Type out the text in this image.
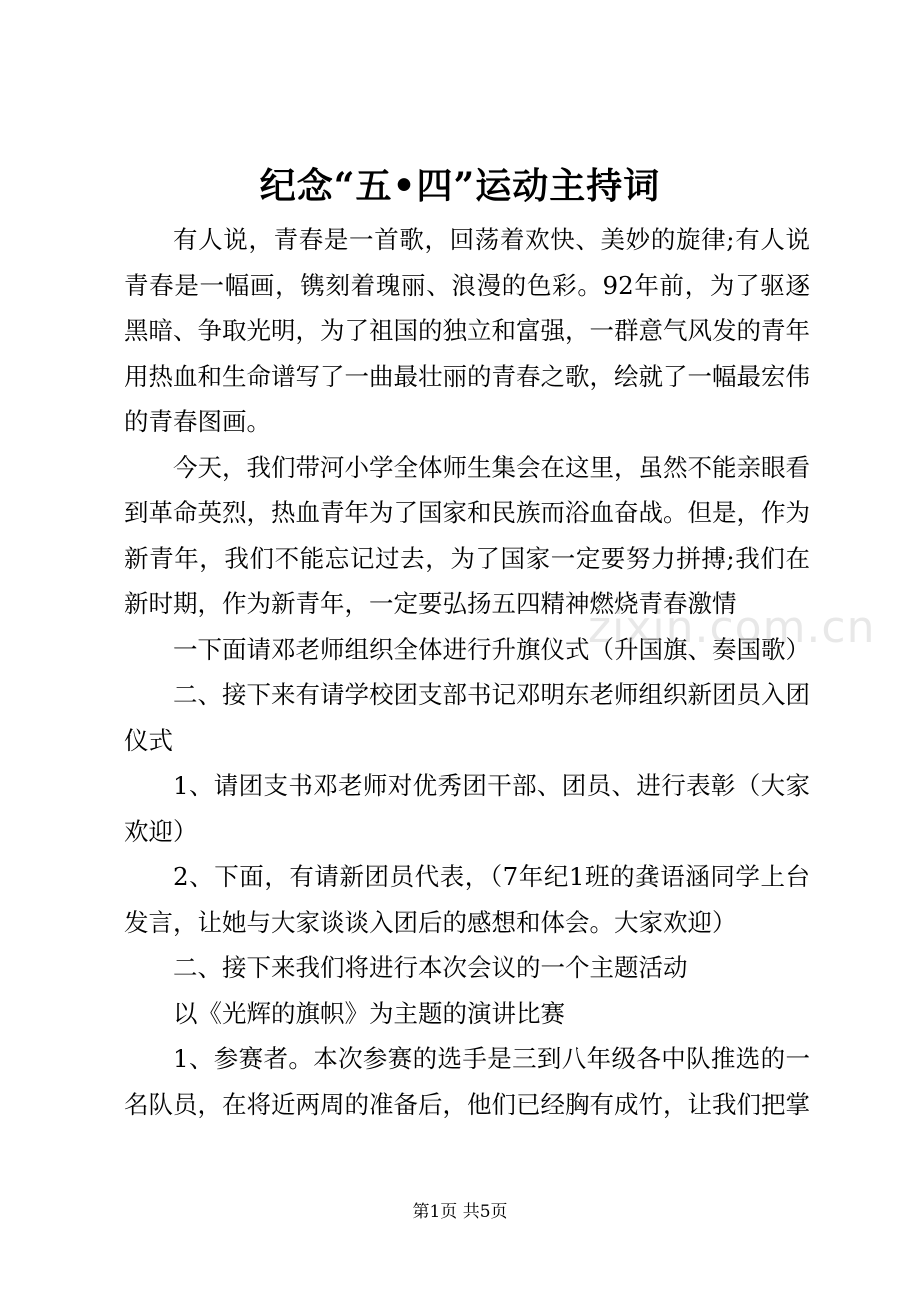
纪念“五•四”运动主持词
有人说，青春是一首歌，回荡着欢快、美妙的旋律;有人说
青春是一幅画，镌刻着瑰丽、浪漫的色彩。92年前，为了驱逐
黑暗、争取光明，为了祖国的独立和富强，一群意气风发的青年
用热血和生命谱写了一曲最壮丽的青春之歌，绘就了一幅最宏伟
的青春图画。
今天，我们带河小学全体师生集会在这里，虽然不能亲眼看
到革命英烈，热血青年为了国家和民族而浴血奋战。但是，作为
新青年，我们不能忘记过去，为了国家一定要努力拼搏;我们在
新时期，作为新青年，一定要弘扬五四精神燃烧青春激情
一下面请邓老师组织全体进行升旗仪式（升国旗、奏国歌）
二、接下来有请学校团支部书记邓明东老师组织新团员入团
仪式
1、请团支书邓老师对优秀团干部、团员、进行表彰（大家
欢迎）
2、下面，有请新团员代表，（7年纪1班的龚语涵同学上台
发言，让她与大家谈谈入团后的感想和体会。大家欢迎）
二、接下来我们将进行本次会议的一个主题活动
以《光辉的旗帜》为主题的演讲比赛
1、参赛者。本次参赛的选手是三到八年级各中队推选的一
名队员，在将近两周的准备后，他们已经胸有成竹，让我们把掌
zixin.com.cn
第1页 共5页
